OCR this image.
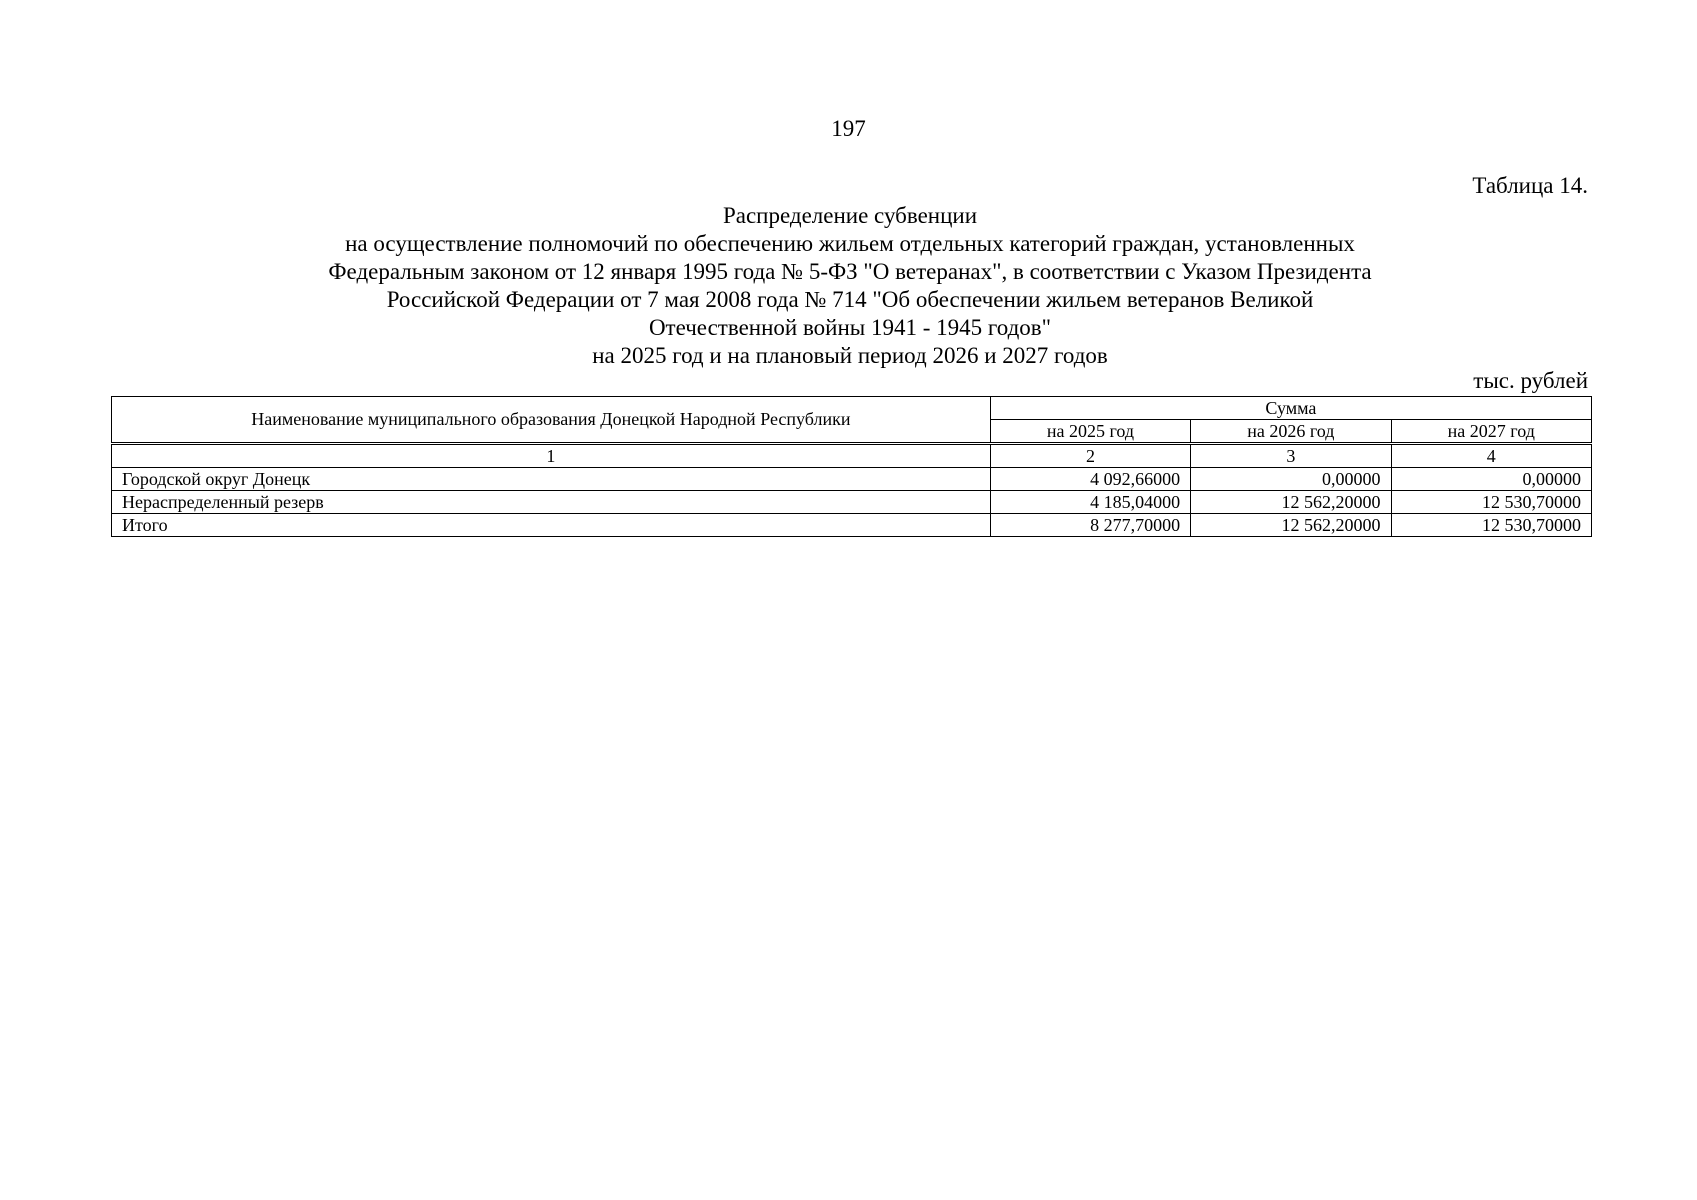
197
Таблица 14.
Распределение субвенции
на осуществление полномочий по обеспечению жильем отдельных категорий граждан, установленных
Федеральным законом от 12 января 1995 года № 5-ФЗ "О ветеранах", в соответствии с Указом Президента
Российской Федерации от 7 мая 2008 года № 714 "Об обеспечении жильем ветеранов Великой
Отечественной войны 1941 - 1945 годов"
на 2025 год и на плановый период 2026 и 2027 годов
тыс. рублей
Наименование муниципального образования Донецкой Народной Республики	Сумма		
	на 2025 год	на 2026 год	на 2027 год
1	2	3	4
Городской округ Донецк	4 092,66000	0,00000	0,00000
Нераспределенный резерв	4 185,04000	12 562,20000	12 530,70000
Итого	8 277,70000	12 562,20000	12 530,70000
